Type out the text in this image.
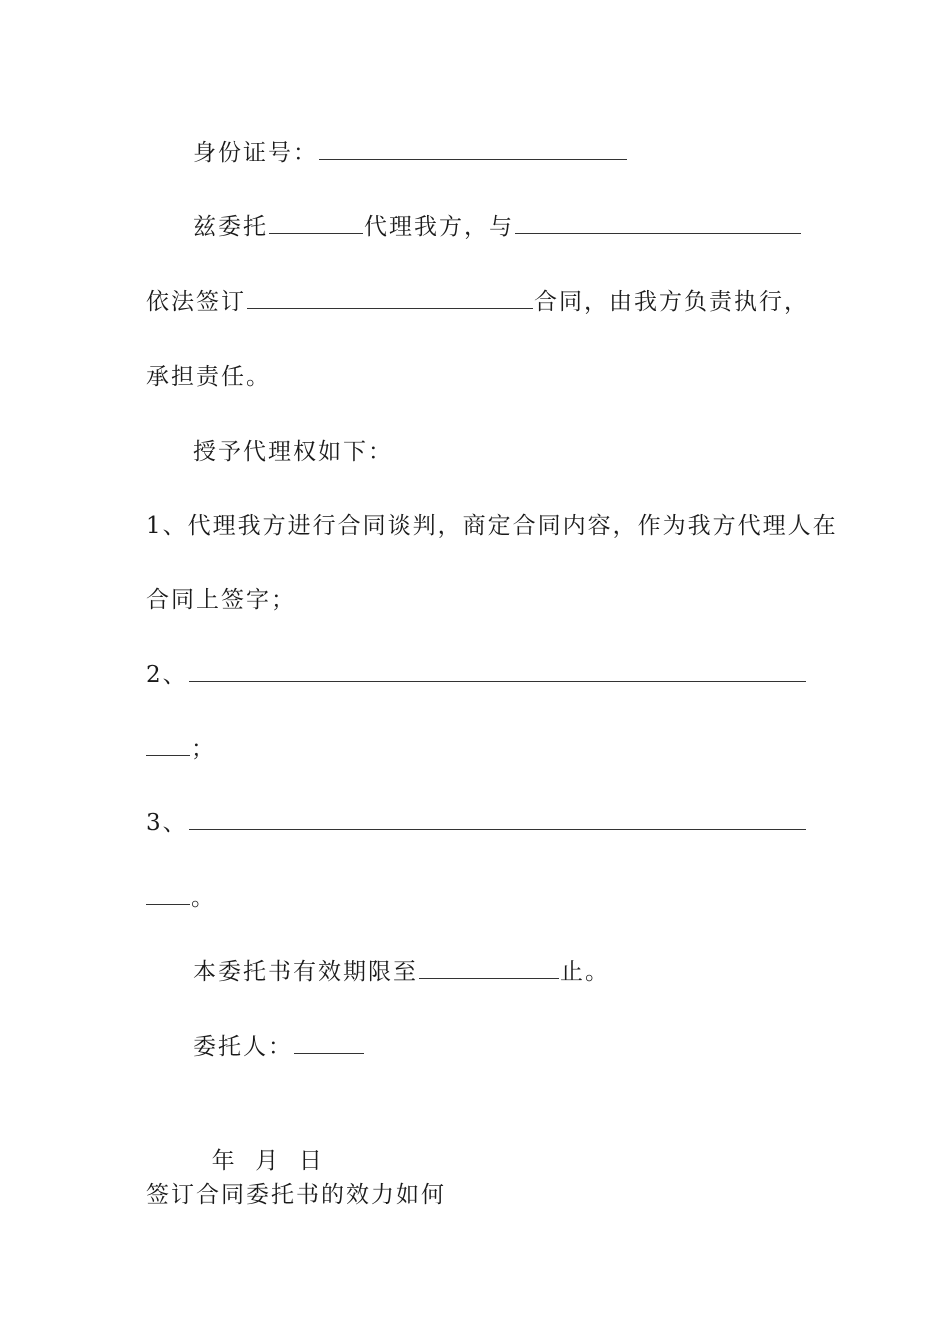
身份证号：
兹委托	代理我方，与
依法签订	合同，由我方负责执行，
承担责任。
授予代理权如下：
1、代理我方进行合同谈判，商定合同内容，作为我方代理人在
合同上签字；
2、
；
3、
。
本委托书有效期限至	止。
委托人：

年  月  日

签订合同委托书的效力如何
